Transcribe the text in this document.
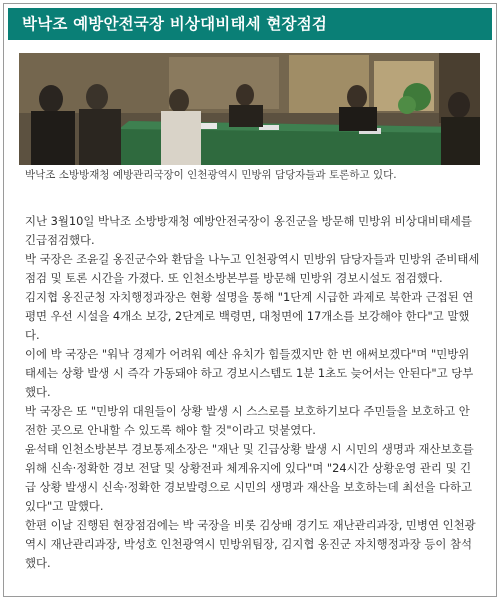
박낙조 예방안전국장 비상대비태세 현장점검
박낙조 소방방재청 예방관리국장이 인천광역시 민방위 담당자들과 토론하고 있다.

지난 3월10일 박낙조 소방방재청 예방안전국장이 옹진군을 방문해 민방위 비상대비태세를 긴급점검했다.

박 국장은 조윤길 옹진군수와 환담을 나누고 인천광역시 민방위 담당자들과 민방위 준비태세 점검 및 토론 시간을 가졌다. 또 인천소방본부를 방문해 민방위 경보시설도 점검했다.

김지협 옹진군청 자치행정과장은 현황 설명을 통해 "1단계 시급한 과제로 북한과 근접된 연평면 우선 시설을 4개소 보강, 2단계로 백령면, 대청면에 17개소를 보강해야 한다"고 말했다.

이에 박 국장은 "워낙 경제가 어려워 예산 유치가 힘들겠지만 한 번 애써보겠다"며 "민방위태세는 상황 발생 시 즉각 가동돼야 하고 경보시스템도 1분 1초도 늦어서는 안된다"고 당부했다.

박 국장은 또 "민방위 대원들이 상황 발생 시 스스로를 보호하기보다 주민들을 보호하고 안전한 곳으로 안내할 수 있도록 해야 할 것"이라고 덧붙였다.

윤석태 인천소방본부 경보통제소장은 "재난 및 긴급상황 발생 시 시민의 생명과 재산보호를 위해 신속·정확한 경보 전달 및 상황전파 체계유지에 있다"며 "24시간 상황운영 관리 및 긴급 상황 발생시 신속·정확한 경보발령으로 시민의 생명과 재산을 보호하는데 최선을 다하고 있다"고 말했다.

한편 이날 진행된 현장점검에는 박 국장을 비롯 김상배 경기도 재난관리과장, 민병연 인천광역시 재난관리과장, 박성호 인천광역시 민방위팀장, 김지협 옹진군 자치행정과장 등이 참석했다.
